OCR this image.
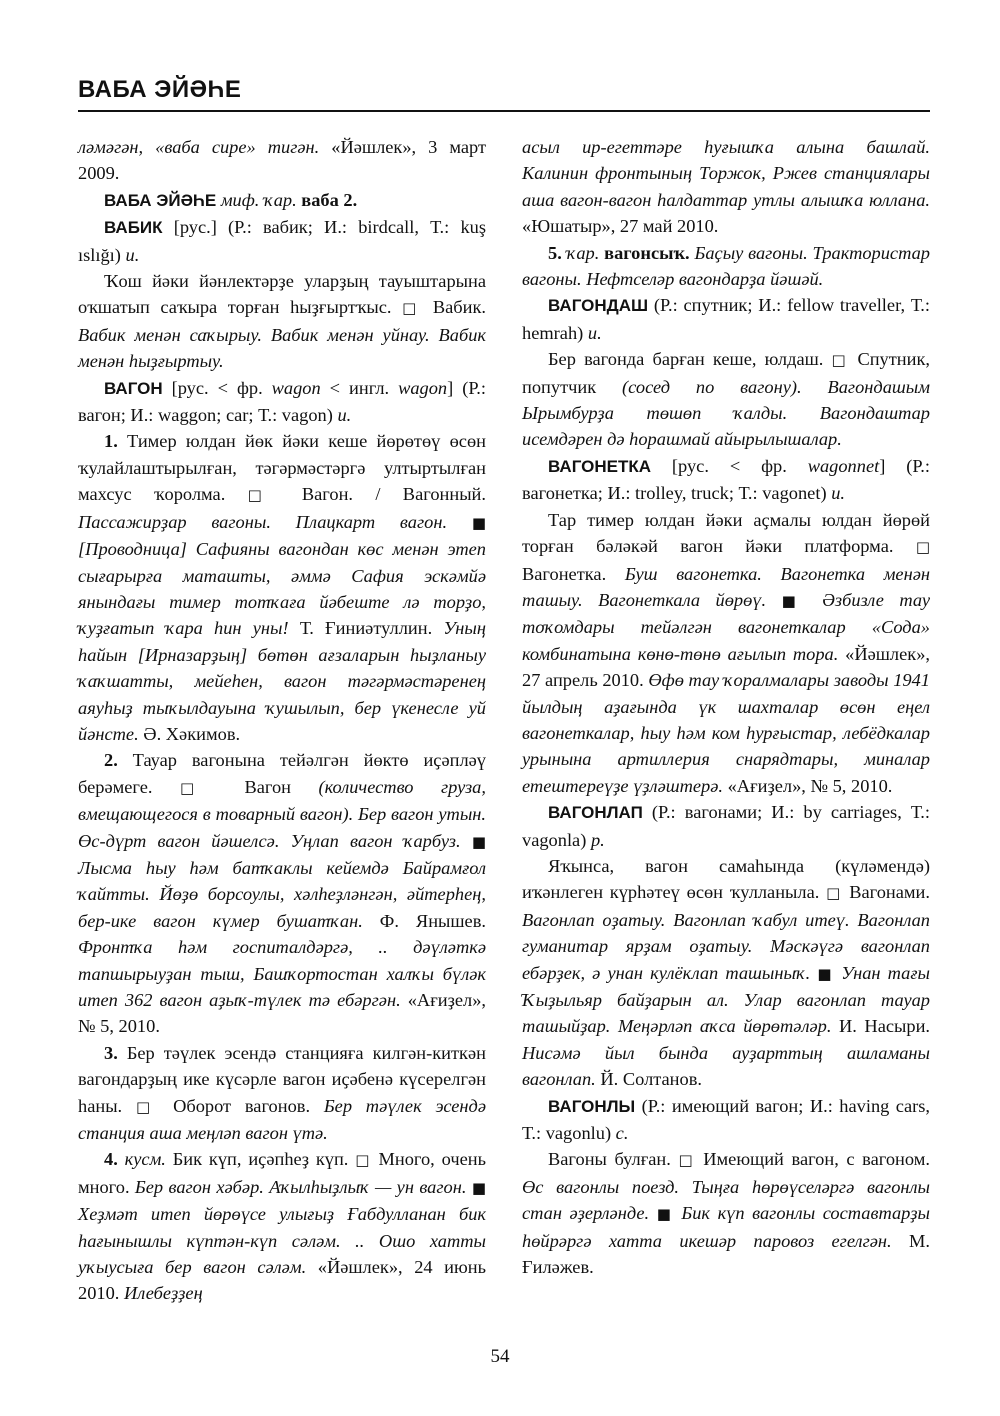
ВАБА ЭЙӘҺЕ

ләмәгән, «ваба сире» тигән. «Йәшлек», 3 март 2009.

ВАБА ЭЙӘҺЕ миф. ҡар. ваба 2.

ВАБИК [рус.] (Р.: вабик; И.: birdcall, Т.: kuş ıslığı) и.

Ҡош йәки йәнлектәрҙе уларҙың тауыштарына оҡшатып саҡыра торған һыҙғыртҡыс. □ Вабик. Вабик менән саҡырыу. Вабик менән уйнау. Вабик менән һыҙғыртыу.

ВАГОН [рус. < фр. wagon < ингл. wagon] (Р.: вагон; И.: waggon; car; Т.: vagon) и.

1. Тимер юлдан йөк йәки кеше йөрөтөү өсөн ҡулайлаштырылған, тәгәрмәстәргә ултыртылған махсус ҡоролма. □ Вагон. / Вагонный. Пассажирҙар вагоны. Плацкарт вагон. ■ [Проводница] Сафияны вагондан көс менән этеп сығарырға маташты, әммә Сафия эскәмйә янындағы тимер тотҡаға йәбеште лә торҙо, ҡуҙғатып ҡара һин уны! Т. Ғиниәтуллин. Уның һайын [Ирназарҙың] бөтөн ағзаларын һыҙланыу ҡаҡшатты, мейеһен, вагон тәгәрмәстәренең аяуһыҙ тыҡылдауына ҡушылып, бер үкенесле уй йәнсте. Ә. Хәкимов.

2. Тауар вагонына тейәлгән йөктө иҫәпләү берәмеге. □ Вагон (количество груза, вмещающегося в товарный вагон). Бер вагон утын. Өс-дүрт вагон йәшелсә. Уңлап вагон ҡарбуз. ■ Лысма һыу һәм батҡаклы кейемдә Байрамғол ҡайтты. Йөҙө борсоулы, хәлһеҙләнгән, әйтерһең, бер-ике вагон күмер бушатҡан. Ф. Янышев. Фронтҡа һәм госпиталдәргә, .. дәүләткә тапшырыуҙан тыш, Башҡортостан халҡы бүләк итеп 362 вагон аҙыҡ-түлек тә ебәргән. «Ағиҙел», № 5, 2010.

3. Бер тәүлек эсендә станцияға килгән-киткән вагондарҙың ике күсәрле вагон иҫәбенә күсерелгән һаны. □ Оборот вагонов. Бер тәүлек эсендә станция аша меңләп вагон үтә.

4. кусм. Бик күп, иҫәпһеҙ күп. □ Много, очень много. Бер вагон хәбәр. Аҡылһыҙлыҡ — ун вагон. ■ Хеҙмәт итеп йөрөүсе улығыҙ Ғабдулланан бик һағынышлы күптән-күп сәләм. .. Ошо хатты уҡыусыға бер вагон сәләм. «Йәшлек», 24 июнь 2010. Илебеҙҙең

асыл ир-егеттәре һуғышҡа алына башлай. Калинин фронтының Торжок, Ржев станциялары аша вагон-вагон һалдаттар утлы алышҡа юллана. «Юшатыр», 27 май 2010.

5. ҡар. вагонсыҡ. Баҫыу вагоны. Трактористар вагоны. Нефтселәр вагондарҙа йәшәй.

ВАГОНДАШ (Р.: спутник; И.: fellow traveller, Т.: hemrah) и.

Бер вагонда барған кеше, юлдаш. □ Спутник, попутчик (сосед по вагону). Вагондашым Ырымбурҙа төшөп ҡалды. Вагондаштар исемдәрен дә һорашмай айырылышалар.

ВАГОНЕТКА [рус. < фр. wagonnet] (Р.: вагонетка; И.: trolley, truck; Т.: vagonet) и.

Тар тимер юлдан йәки аҫмалы юлдан йөрөй торған бәләкәй вагон йәки платформа. □ Вагонетка. Буш вагонетка. Вагонетка менән ташыу. Вагонеткала йөрөү. ■ Әзбизле тау тоҡомдары тейәлгән вагонеткалар «Сода» комбинатына көнө-төнө ағылып тора. «Йәшлек», 27 апрель 2010. Өфө тау ҡоралмалары заводы 1941 йылдың аҙағында үк шахталар өсөн еңел вагонеткалар, һыу һәм ком һурғыстар, лебёдкалар урынына артиллерия снарядтары, миналар етештереүҙе үҙләштерә. «Ағиҙел», № 5, 2010.

ВАГОНЛАП (Р.: вагонами; И.: by carriages, Т.: vagonla) р.

Яҡынса, вагон самаһында (күләмендә) иҡәнлеген күрһәтеү өсөн ҡулланыла. □ Вагонами. Вагонлап оҙатыу. Вагонлап ҡабул итеү. Вагонлап гуманитар ярҙам оҙатыу. Мәскәүгә вагонлап ебәрҙек, ә унан кулёклап ташыныҡ. ■ Унан тағы Ҡыҙыльяр байҙарын ал. Улар вагонлап тауар ташыйҙар. Меңәрләп аҡса йөрөтәләр. И. Насыри. Нисәмә йыл бында ауҙарттың ашламаны вагонлап. Й. Солтанов.

ВАГОНЛЫ (Р.: имеющий вагон; И.: having cars, Т.: vagonlu) с.

Вагоны булған. □ Имеющий вагон, с вагоном. Өс вагонлы поезд. Тыңға һөрөүселәргә вагонлы стан әҙерләнде. ■ Бик күп вагонлы составтарҙы һөйрәргә хатта икешәр паровоз егелгән. М. Ғиләжев.

54
